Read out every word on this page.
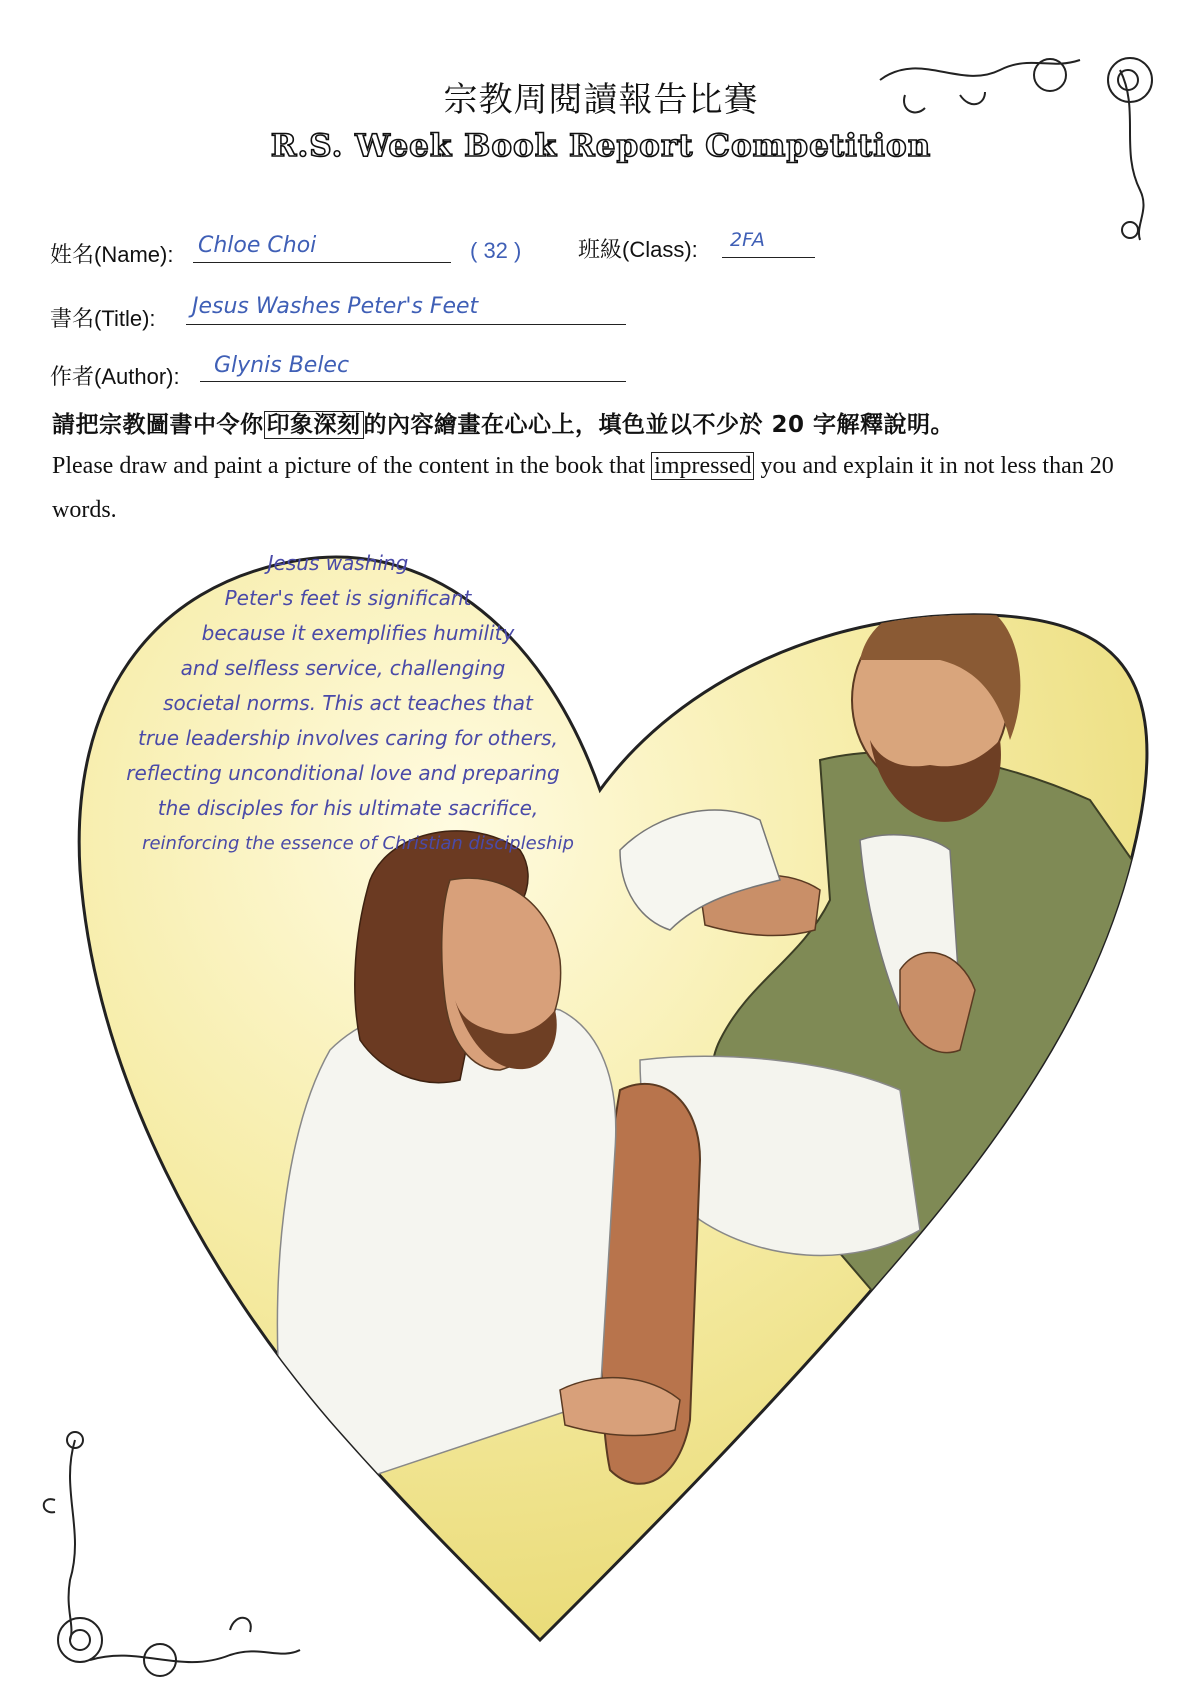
宗教周閱讀報告比賽
R.S. Week Book Report Competition
姓名(Name): Chloe Choi	( 32 )	班級(Class): 2FA
書名(Title): Jesus Washes Peter's Feet
作者(Author): Glynis Belec
請把宗教圖書中令你 印象深刻 的內容繪畫在心心上，填色並以不少於 20 字解釋說明。
Please draw and paint a picture of the content in the book that impressed you and explain it in not less than 20 words.
Jesus washing
Peter's feet is significant
because it exemplifies humility
and selfless service, challenging
societal norms. This act teaches that
true leadership involves caring for others,
reflecting unconditional love and preparing
the disciples for his ultimate sacrifice,
reinforcing the essence of Christian discipleship
